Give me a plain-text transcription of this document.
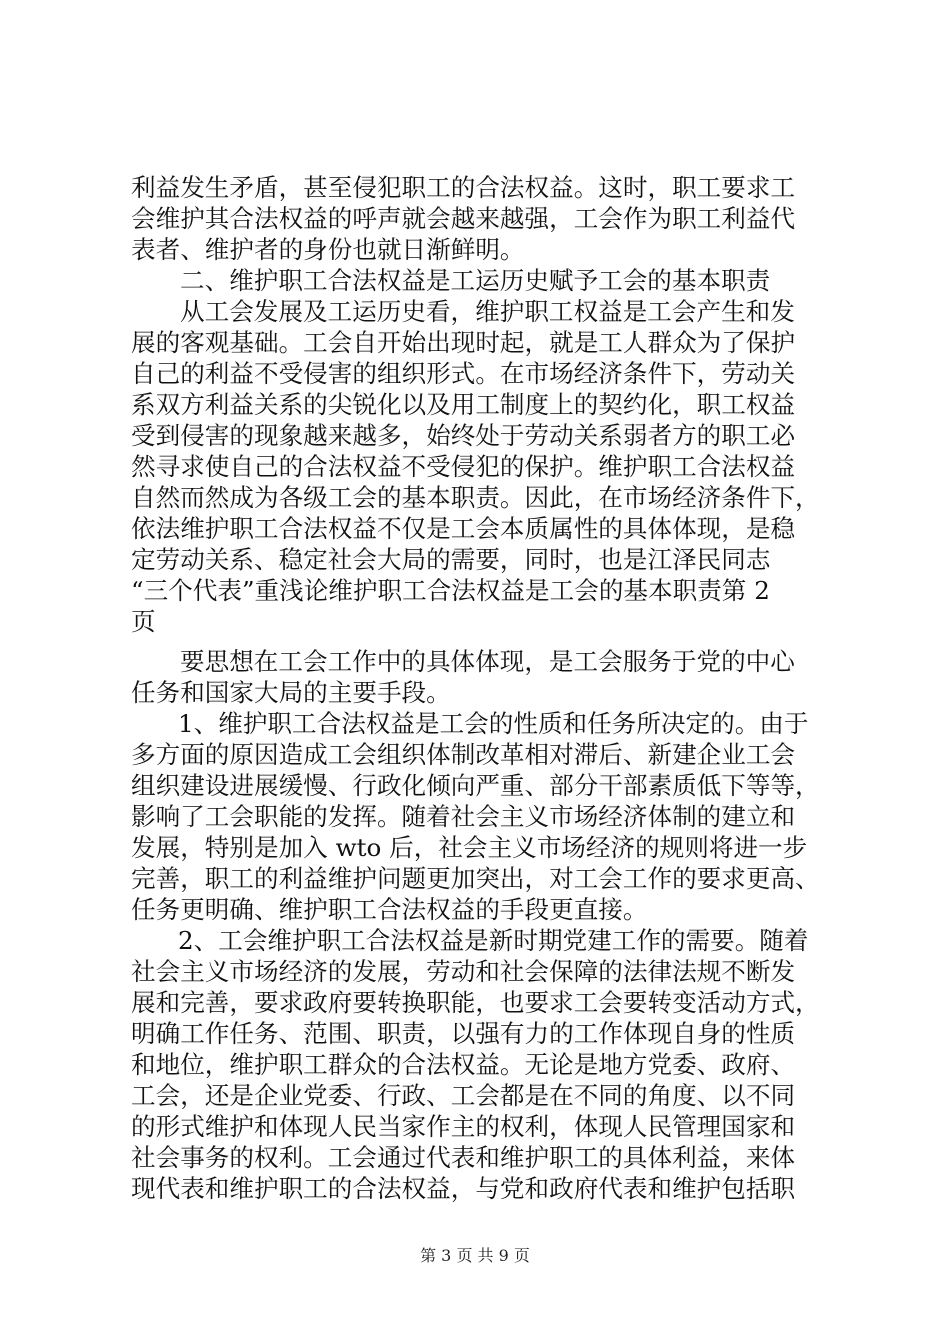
利益发生矛盾，甚至侵犯职工的合法权益。这时，职工要求工
会维护其合法权益的呼声就会越来越强，工会作为职工利益代
表者、维护者的身份也就日渐鲜明。
二、维护职工合法权益是工运历史赋予工会的基本职责
从工会发展及工运历史看，维护职工权益是工会产生和发
展的客观基础。工会自开始出现时起，就是工人群众为了保护
自己的利益不受侵害的组织形式。在市场经济条件下，劳动关
系双方利益关系的尖锐化以及用工制度上的契约化，职工权益
受到侵害的现象越来越多，始终处于劳动关系弱者方的职工必
然寻求使自己的合法权益不受侵犯的保护。维护职工合法权益
自然而然成为各级工会的基本职责。因此，在市场经济条件下，
依法维护职工合法权益不仅是工会本质属性的具体体现，是稳
定劳动关系、稳定社会大局的需要，同时，也是江泽民同志
“三个代表”重浅论维护职工合法权益是工会的基本职责第 2
页
要思想在工会工作中的具体体现，是工会服务于党的中心
任务和国家大局的主要手段。
1、维护职工合法权益是工会的性质和任务所决定的。由于
多方面的原因造成工会组织体制改革相对滞后、新建企业工会
组织建设进展缓慢、行政化倾向严重、部分干部素质低下等等，
影响了工会职能的发挥。随着社会主义市场经济体制的建立和
发展，特别是加入 wto 后，社会主义市场经济的规则将进一步
完善，职工的利益维护问题更加突出，对工会工作的要求更高、
任务更明确、维护职工合法权益的手段更直接。
2、工会维护职工合法权益是新时期党建工作的需要。随着
社会主义市场经济的发展，劳动和社会保障的法律法规不断发
展和完善，要求政府要转换职能，也要求工会要转变活动方式，
明确工作任务、范围、职责，以强有力的工作体现自身的性质
和地位，维护职工群众的合法权益。无论是地方党委、政府、
工会，还是企业党委、行政、工会都是在不同的角度、以不同
的形式维护和体现人民当家作主的权利，体现人民管理国家和
社会事务的权利。工会通过代表和维护职工的具体利益，来体
现代表和维护职工的合法权益，与党和政府代表和维护包括职
第 3 页 共 9 页
